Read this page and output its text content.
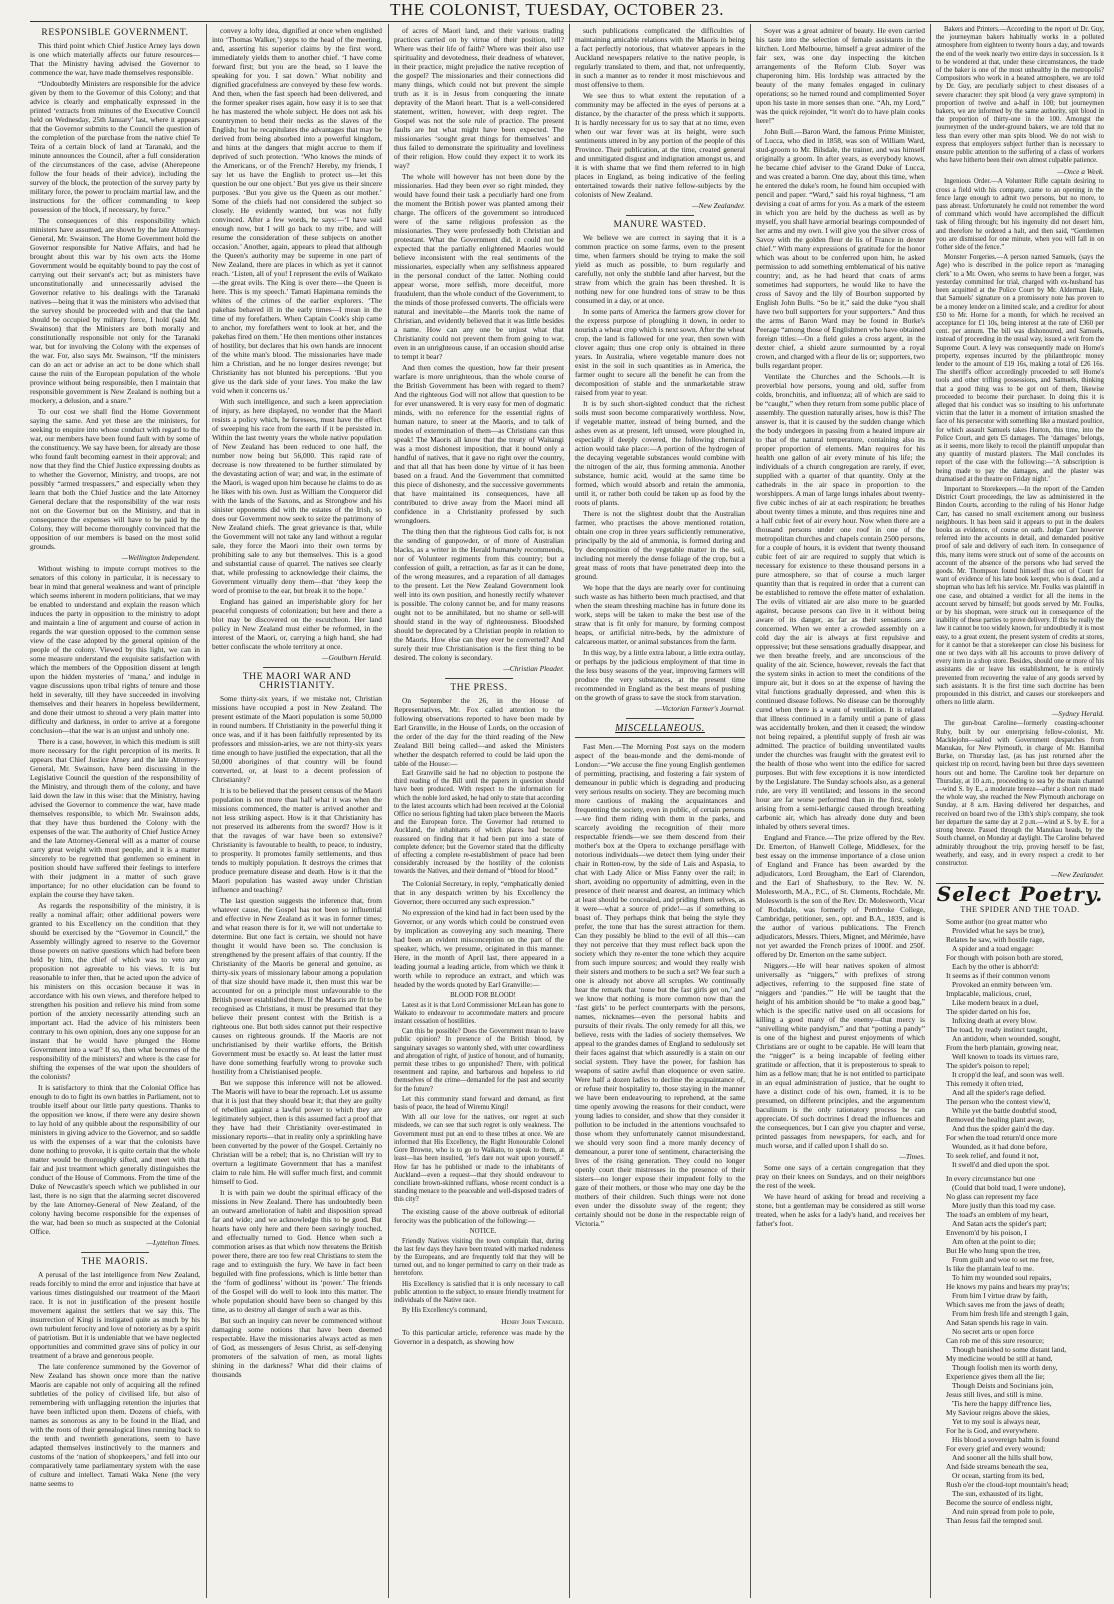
THE COLONIST, TUESDAY, OCTOBER 23.
RESPONSIBLE GOVERNMENT.

This third point which Chief Justice Arney lays down is one which materially affects our future resources—That the Ministry having advised the Governor to commence the war, have made themselves responsible.

“Undoubtedly Ministers are responsible for the advice given by them to the Governor of this Colony; and that advice is clearly and emphatically expressed in the printed ‘extracts from minutes of the Executive Council held on Wednesday, 25th January’ last, where it appears that the Governor submits to the Council the question of the completion of the purchase from the native chief Te Teira of a certain block of land at Taranaki, and the minute announces the Council, after a full consideration of the circumstances of the case, advise (Aherepeone follow the four heads of their advice), including the survey of the block, the protection of the survey party by military force, the power to proclaim martial law, and the instructions for the officer commanding to keep possession of the block, if necessary, by force.”

The consequences of this responsibility which ministers have assumed, are shown by the late Attorney-General, Mr. Swainson. The Home Government hold the Governor responsible for Native Affairs, and had he brought about this war by his own acts the Home Government would be equitably bound to pay the cost of carrying out their servant's act; but as ministers have unconstitutionally and unnecessarily advised the Governor relative to his dealings with the Taranaki natives—being that it was the ministers who advised that the survey should be proceeded with and that the land should be occupied by military force, I hold (said Mr. Swainson) that the Ministers are both morally and constitutionally responsible not only for the Taranaki war, but for involving the Colony with the expenses of the war. For, also says Mr. Swainson, “If the ministers can do an act or advise an act to be done which shall cause the ruin of the European population of the whole province without being responsible, then I maintain that responsible government is New Zealand is nothing but a mockery, a delusion, and a snare.”

To our cost we shall find the Home Government saying the same. And yet these are the ministers, for seeking to enquire into whose conduct with regard to the war, our members have been found fault with by some of the constituency. We say have been, for already are those who found fault becoming earnest in their approval; and now that they find the Chief Justice expressing doubts as to whether the Governor, Ministry, and troops, are not possibly “armed trespassers,” and especially when they learn that both the Chief Justice and the late Attorney General declare that the responsibility of the war rests not on the Governor but on the Ministry, and that in consequence the expenses will have to be paid by the Colony, they will become thoroughly convinced that the opposition of our members is based on the most solid grounds.

—Wellington Independent.

Without wishing to impute corrupt motives to the senators of this colony in particular, it is necessary to bear in mind that general weakness and want of principle which seems inherent in modern politicians, that we may be enabled to understand and explain the reason which induces the party in opposition to the ministry to adopt and maintain a line of argument and course of action in regards the war question opposed to the common sense view of the case adopted by the general opinion of the people of the colony. Viewed by this light, we can in some measure understand the exquisite satisfaction with which the members of the Opposition dissent at length upon the hidden mysteries of ‘mana,’ and indulge in vague discussions upon tribal rights of tenure and those held in severalty, till they have succeeded in involving themselves and their hearers in hopeless bewilderment, and done their utmost to shroud a very plain matter into difficulty and darkness, in order to arrive at a foregone conclusion—that the war is an unjust and unholy one.

There is a case, however, in which this medium is still more necessary for the right perception of its merits. It appears that Chief Justice Arney and the late Attorney-General, Mr. Swainson, have been discussing in the Legislative Council the question of the responsibility of the Ministry, and through them of the colony, and have laid down the law in this wise: that the Ministry, having advised the Governor to commence the war, have made themselves responsible, to which Mr. Swainson adds, that they have thus burdened the Colony with the expenses of the war. The authority of Chief Justice Arney and the late Attorney-General will as a matter of course carry great weight with most people, and it is a matter sincerely to be regretted that gentlemen so eminent in position should have suffered their feelings to interfere with their judgment in a matter of such grave importance; for no other elucidation can be found to explain the course they have taken.

As regards the responsibility of the ministry, it is really a nominal affair; other additional powers were granted to his Excellency on the condition that they should be exercised by the “Governor in Council,” the Assembly willingly agreed to reserve to the Governor those powers on native questions which had before been held by him, the chief of which was to veto any proposition not agreeable to his views. It is but reasonable to infer then, that he acted upon the advice of his ministers on this occasion because it was in accordance with his own views, and therefore helped to strengthen his position and relieve his mind from some portion of the anxiety necessarily attending such an important act. Had the advice of his ministers been contrary to his own opinion, does any one suppose for an instant that he would have plunged the Home Government into a war? If so, then what becomes of the responsibility of the ministers? and where is the case for shifting the expenses of the war upon the shoulders of the colonists?

It is satisfactory to think that the Colonial Office has enough to do to fight its own battles in Parliament, not to trouble itself about our little party questions. Thanks to the opposition we know, if there were any desire shown to lay hold of any quibble about the responsibility of our ministers in giving advice to the Governor, and so saddle us with the expenses of a war that the colonists have done nothing to provoke, it is quite certain that the whole matter would be thoroughly sifted, and meet with that fair and just treatment which generally distinguishes the conduct of the House of Commons. From the time of the Duke of Newcastle's speech which we published in our last, there is no sign that the alarming secret discovered by the late Attorney-General of New Zealand, of the colony having become responsible for the expenses of the war, had been so much as suspected at the Colonial Office.

—Lyttelton Times.

THE MAORIS.

A perusal of the last intelligence from New Zealand, reads forcibly to mind the error and injustice that have at various times distinguished our treatment of the Maori race. It is not in justification of the present hostile movement against the settlers that we say this. The insurrection of Kingi is instigated quite as much by his own turbulent ferocity and love of notoriety as by a spirit of patriotism. But it is undeniable that we have neglected opportunities and committed grave sins of policy in our treatment of a brave and generous people.

The late conference summoned by the Governor of New Zealand has shown once more than the native Maoris are capable not only of acquiring all the refined subtleties of the policy of civilised life, but also of remembering with unflagging retention the injuries that have been inflicted upon them. Dozens of chiefs, with names as sonorous as any to be found in the Iliad, and with the roots of their genealogical lines running back to the tenth and twentieth generations, seem to have adapted themselves instinctively to the manners and customs of the ‘nation of shopkeepers,’ and fell into our comparatively tame parliamentary system with the ease of culture and intellect. Tamati Waka Nene (the very name seems to

convey a lofty idea, dignified at once when englished into ‘Thomas Walker,’) steps to the head of the meeting, and, asserting his superior claims by the first word, immediately yields them to another chief. ‘I have come forward first; but you are the head, so I leave the speaking for you. I sat down.’ What nobility and dignified gracefulness are conveyed by these few words. And then, when the fast speech had been delivered, and the former speaker rises again, how easy it is to see that he has mastered the whole subject. He does not ask his countrymen to bend their necks as the slaves of the English; but he recapitulates the advantages that may be derived from being absorbed into a powerful kingdom, and hints at the dangers that might accrue to them if deprived of such protection. ‘Who knows the minds of the Americans, or of the French? Hereby, my friends, I say let us have the English to protect us—let this question be our one object.’ But yes give us their sincere purposes. ‘But you give us the Queen as our mother.’ Some of the chiefs had not considered the subject so closely. He evidently wanted, but was not fully convinced. After a few words, he says:—‘I have said enough now, but I will go back to my tribe, and will resume the consideration of these subjects on another occasion.’ Another, again, appears to plead that although the Queen's authority may be supreme in one part of New Zealand, there are places in which as yet it cannot reach. ‘Listen, all of you! I represent the evils of Waikato—the great evils. The King is over there—the Queen is here. This is my speech.’ Tamati Hapimana reminds the whites of the crimes of the earlier explorers. ‘The pakehas behaved ill in the early times—I mean in the time of my forefathers. When Captain Cook's ship came to anchor, my forefathers went to look at her, and the pakehas fired on them.’ He then mentions other instances of hostility, but declares that his own hands are innocent of the white man's blood. The missionaries have made him a Christian, and he no longer desires revenge; but Christianity has not blunted his perceptions. ‘But you give us the dark side of your laws. You make the law void when it concerns us.’

With such intelligence, and such a keen appreciation of injury, as here displayed, no wonder that the Maori resists a policy which, he foresees, must have the effect of sweeping his race from the earth if it be persisted in. Within the last twenty years the whole native population of New Zealand has been reduced to one half, the number now being but 56,000. This rapid rate of decrease is now threatened to be further stimulated by the devastating action of war; and war, in the estimate of the Maori, is waged upon him because he claims to do as he likes with his own. Just as William the Conqueror did with the lands of the Saxons, and as Strongbow and his sinister opponents did with the estates of the Irish, so does our Government now seek to seize the patrimony of New Zealand chiefs. The great grievance is that, while the Government will not take any land without a regular sale, they force the Maori into their own terms by prohibiting sale to any but themselves. This is a good and substantial cause of quarrel. The natives see clearly that, while professing to acknowledge their claims, the Government virtually deny them—that ‘they keep the word of promise to the ear, but break it to the hope.’

England has gained an imperishable glory for her peaceful conquests of colonization; but here and there a blot may be discovered on the escutcheon. Her land policy in New Zealand must either be reformed, in the interest of the Maori, or, carrying a high hand, she had better confiscate the whole territory at once.

—Goulburn Herald.

THE MAORI WAR AND CHRISTIANITY.

Some thirty-six years, if we mistake not, Christian missions have occupied a post in New Zealand. The present estimate of the Maori population is some 50,000 in round numbers. If Christianity in the powerful thing it once was, and if it has been faithfully represented by its professors and mission-aries, we are not thirty-six years time enough to have justified the expectation, that all the 50,000 aborigines of that country will be found converted, or, at least to a decent profession of Christianity?

It is to be believed that the present census of the Maori population is not more than half what it was when the missions commenced, the matter is arrived another and not less striking aspect. How is it that Christianity has not preserved its adherents from the sword? How is it that the ravages of war have been so extensive? Christianity is favourable to health, to peace, to industry, to prosperity. It promotes family settlements, and thus tends to multiply population. It destroys the crimes that produce premature disease and death. How is it that the Maori population has wasted away under Christian influence and teaching?

The last question suggests the inference that, from whatever cause, the Gospel has not been so influential and effective in New Zealand as it was in former times; and what reason there is for it, we will not undertake to determine. But one fact is certain, we should not have thought it would have been so. The conclusion is strengthened by the present affairs of that country. If the Christianity of the Maoris be general and genuine, as thirty-six years of missionary labour among a population of that size should have made it, then must this war be accounted for on a principle most unfavourable to the British power established there. If the Maoris are fit to be recognised as Christians, it must be presumed that they believe their present contest with the British is a righteous one. But both sides cannot put their respective causes on righteous grounds. If the Maoris are not unchristianised by their warlike efforts, the British Government must be exactly so. At least the latter must have done something fearfully wrong to provoke such hostility from a Christianised people.

But we suppose this inference will not be allowed. The Maoris will have to bear the reproach. Let us assume that it is just that they should bear it; that they are guilty of rebellion against a lawful power to which they are legitimately subject, then is this assumed fact a proof that they have had their Christianity over-estimated in missionary reports—that in reality only a sprinkling have been converted by the power of the Gospel. Certainly no Christian will be a rebel; that is, no Christian will try to overturn a legitimate Government that has a manifest claim to rule him. He will suffer much first, and commit himself to God.

It is with pain we doubt the spiritual efficacy of the missions in New Zealand. There has undoubtedly been an outward amelioration of habit and disposition spread far and wide; and we acknowledge this to be good. But hearts have only here and there been savingly touched, and effectually turned to God. Hence when such a commotion arises as that which now threatens the British power there, there are too few real Christians to stem the rage and to extinguish the fury. We have in fact been beguiled with fine professions, which is little better than the ‘form of godliness’ without its ‘power.’ The friends of the Gospel will do well to look into this matter. The whole population should have been so changed by this time, as to destroy all danger of such a war as this.

But such an inquiry can never be commenced without damaging some notions that have been deemed respectable. Have the missionaries always acted as men of God, as messengers of Jesus Christ, as self-denying promoters of the salvation of men, as moral lights shining in the darkness? What did their claims of thousands

of acres of Maori land, and their various trading practices carried on by virtue of their position, tell? Where was their life of faith? Where was their also use spirituality and devotedness, their deadness of whatever, in their practice, might prejudice the native reception of the gospel? The missionaries and their connections did many things, which could not but prevent the simple truth as it is in Jesus from conquering the innate depravity of the Maori heart. That is a well-considered statement, written, however, with deep regret. The Gospel was not the sole rule of practice. The present faults are but what might have been expected. The missionaries ‘sought great things for themselves’ and thus failed to demonstrate the spirituality and loveliness of their religion. How could they expect it to work its way?

The whole will however has not been done by the missionaries. Had they been ever so right minded, they would have found their task a peculiarly hard one from the moment the British power was planted among their charge. The officers of the government so introduced were of the same religious profession as the missionaries. They were professedly both Christian and protestant. What the Government did, it could not be expected that the partially enlightened Maories would believe inconsistent with the real sentiments of the missionaries, especially when any selfishness appeared in the personal conduct of the latter. Nothing could appear worse, more selfish, more deceitful, more fraudulent, than the whole conduct of the Government, to the minds of those professed converts. The officials were natural and inevitable—the Maoris took the name of Christian, and evidently believed that it was little besides a name. How can any one be unjust what that Christianity could not prevent them from going to war, even in an unrighteous cause, if an occasion should arise to tempt it bear?

And then comes the question, how far their present warfare is more unrighteous, than the whole course of the British Government has been with regard to them? And the righteous God will not allow that question to be for ever unanswered. It is very easy for men of dogmatic minds, with no reference for the essential rights of human nature, to sneer at the Maoris, and to talk of modes of extermination of them—as Christians can thus speak! The Maoris all know that the treaty of Waitangi was a most dishonest imposition, that it bound only a handful of natives, that it gave no right over the country, and that all that has been done by virtue of it has been based on a fraud. And the Government that committed this piece of dishonesty, and the successive governments that have maintained its consequences, have all contributed to drive away from the Maori mind all confidence in a Christianity professed by such wrongdoers.

The thing then that the righteous God calls for, is not the sending of gunpowder, or of more of Australian blacks, as a writer in the Herald humanely recommends, nor of Volunteer regiments from this country; but a confession of guilt, a retraction, as far as it can be done, of the wrong measures, and a reparation of all damages to the present. Let the New Zealand Government look well into its own position, and honestly rectify whatever is possible. The colony cannot be, and for many reasons ought not to be annihilated, but no shame or sell-will should stand in the way of righteousness. Bloodshed should be deprecated by a Christian people in relation to the Maoris. How else can they ever be converted? And surely their true Christianisation is the first thing to be desired. The colony is secondary.

—Christian Pleader.

THE PRESS.

On September the 26, in the House of Representatives, Mr. Fox called attention to the following observations reported to have been made by Earl Granville, in the House of Lords, on the occasion of the order of the day for the third reading of the New Zealand Bill being called—and asked the Ministers whether the despatch referred to could be laid upon the table of the House:—

Earl Granville said he had no objection to postpone the third reading of the Bill until the papers in question should have been produced. With respect to the information for which the noble lord asked, he had only to state that according to the latest accounts which had been received at the Colonial Office no serious fighting had taken place between the Maoris and the European force. The Governor had returned to Auckland, the inhabitants of which places had become reassured on finding that it had been put into a state of complete defence; but the Governor stated that the difficulty of effecting a complete re-establishment of peace had been considerably increased by the hostility of the colonists towards the Natives, and their demand of “blood for blood.”

The Colonial Secretary, in reply, “emphatically denied that in any despatch written by his Excellency the Governor, there occurred any such expression.”

No expression of the kind had in fact been used by the Governor, or any words which could be construed even by implication as conveying any such meaning. There had been an evident misconception on the part of the speaker, which, we presume, originated in this manner. Here, in the month of April last, there appeared in a leading journal a leading article, from which we think it worth while to reproduce an extract, and which was headed by the words quoted by Earl Granville:—

BLOOD FOR BLOOD!

Latest as it is that Lord Commissioner McLean has gone to Waikato to endeavour to accommodate matters and procure instant cessation of hostilities.

Can this be possible? Does the Government mean to leave public opinion? In presence of the British blood, by sanguinary savages so wantonly shed, with utter cowardliness and abrogation of right, of justice of honour, and of humanity, permit these tribes to go unpunished? There, with political resentment and rapine, and barbarous and hopeless to rid themselves of the crime—demanded for the past and security for the future?

Let this community stand forward and demand, as first basis of peace, the head of Wiremu Kingi!

With all our love for the natives, our regret at such misdeeds, we can see that such regret is only weakness. The Government must put an end to these tribes at once. We are informed that His Excellency, the Right Honourable Colonel Gore Browne, who is to go to Waikato, to speak to them, at least—has been insulted, ‘let's dare not wait upon yourself.’ How far has he published or made to the inhabitants of Auckland—even a request—that they should endeavour to conciliate brown-skinned ruffians, whose recent conduct is a standing menace to the peaceable and well-disposed traders of this city?

The existing cause of the above outbreak of editorial ferocity was the publication of the following:—

NOTICE.

Friendly Natives visiting the town complain that, during the last few days they have been treated with marked rudeness by the Europeans, and are frequently told that they will be turned out, and no longer permitted to carry on their trade as heretofore.

His Excellency is satisfied that it is only necessary to call public attention to the subject, to ensure friendly treatment for individuals of the Native race.

By His Excellency's command,

Henry John Tancred.

To this particular article, reference was made by the Governor in a despatch, as showing how

such publications complicated the difficulties of maintaining amicable relations with the Maoris in being a fact perfectly notorious, that whatever appears in the Auckland newspapers relative to the native people, is regularly translated to them, and that, not unfrequently, in such a manner as to render it most mischievous and most offensive to them.

We see thus to what extent the reputation of a community may be affected in the eyes of persons at a distance, by the character of the press which it supports. It is hardly necessary for us to say that at no time, even when our war fever was at its height, were such sentiments uttered in by any portion of the people of this Province. Their publication, at the time, created general and unmitigated disgust and indignation amongst us, and it is with shame that we find them referred to in high places in England, as being indicative of the feeling entertained towards their native fellow-subjects by the colonists of New Zealand.

—New Zealander.

MANURE WASTED.

We believe we are correct in saying that it is a common practice on some farms, even to the present time, when farmers should be trying to make the soil yield as much as possible, to burn regularly and carefully, not only the stubble land after harvest, but the straw from which the grain has been threshed. It is nothing new for one hundred tons of straw to be thus consumed in a day, or at once.

In some parts of America the farmers grow clover for the express purpose of ploughing it down, in order to nourish a wheat crop which is next sown. After the wheat crop, the land is fallowed for one year, then sown with clover again; thus one crop only is obtained in three years. In Australia, where vegetable manure does not exist in the soil in such quantities as in America, the farmer ought to secure all the benefit he can from the decomposition of stable and the unmarketable straw raised from year to year.

It is by such short-sighted conduct that the richest soils must soon become comparatively worthless. Now, if vegetable matter, instead of being burned, and the ashes even as at present, left unused, were ploughed in, especially if deeply covered, the following chemical action would take place:—A portion of the hydrogen of the decaying vegetable substances would combine with the nitrogen of the air, thus forming ammonia. Another substance, humic acid, would at the same time be formed, which would absorb and retain the ammonia, until it, or rather both could be taken up as food by the roots of plants.

There is not the slightest doubt that the Australian farmer, who practises the above mentioned rotation, obtain one crop in three years sufficiently remunerative, principally by the aid of ammonia, is formed during and by decomposition of the vegetable matter in the soil, including not merely the dense foliage of the crop, but a great mass of roots that have penetrated deep into the ground.

We hope that the days are nearly over for continuing such waste as has hitherto been much practised, and that when the steam threshing machine has in future done its work, steps will be taken to make the best use of the straw that is fit only for manure, by forming compost heaps, or artificial nitre-beds, by the admixture of calcareous matter, or animal substances from the farm.

In this way, by a little extra labour, a little extra outlay, or perhaps by the judicious employment of that time in the less busy seasons of the year, improving farmers will produce the very substances, at the present time recommended in England as the best means of pushing on the growth of grass to save the stock from starvation.

—Victorian Farmer's Journal.

MISCELLANEOUS.

Fast Men.—The Morning Post says on the modern aspect of the beau-monde and the demi-monde of London:—“We accuse the fine young English gentlemen of permitting, practising, and fostering a fair system of demeanour in public which is degrading and producing very serious results on society. They are becoming much more cautious of making the acquaintances and frequenting the society, even in public, of certain persons—we find them riding with them in the parks, and scarcely avoiding the recognition of their more respectable friends—we see them descend from their mother's box at the Opera to exchange persiflage with notorious individuals—we detect them lying under their chair in Rotten-row, by the side of Lais and Aspasia, to chat with Lady Alice or Miss Fanny over the rail; in short, avoiding no opportunity of admitting, even in the presence of their nearest and dearest, an intimacy which at least should be concealed, and priding them selves, as it were—what a source of pride!—as if something to boast of. They perhaps think that being the style they prefer, the tone that has the surest attraction for them. Can they possibly be blind to the evil of all this—can they not perceive that they must reflect back upon the society which they re-enter the tone which they acquire from such impure sources; and would they really wish their sisters and mothers to be such a set? We fear such a one is already not above all scruples. We continually hear the remark that ‘none but the fast girls get on,’ and we know that nothing is more common now than the ‘fast girls’ to be perfect counterparts with the persons, names, nicknames—even the personal habits and pursuits of their rivals. The only remedy for all this, we believe, rests with the ladies of society themselves. We appeal to the grandes dames of England to sedulously set their faces against that which assuredly is a stain on our social system. They have the power, for fashion has weapons of satire awful than eloquence or even satire. Were half a dozen ladies to decline the acquaintance of, or refuse their hospitality to, those staying in the manner we have been endeavouring to reprehend, at the same time openly avowing the reasons for their conduct, were young ladies to consider, and show that they consider it pollution to be included in the attentions vouchsafed to those whom they unfortunately cannot misunderstand, we should very soon find a more manly decency of demeanour, a purer tone of sentiment, characterising the lives of the rising generation. They could no longer openly court their mistresses in the presence of their sisters—no longer expose their impudent folly to the gaze of their mothers, or those who may one day be the mothers of their children. Such things were not done even under the dissolute sway of the regent; they certainly should not be done in the respectable reign of Victoria.”

Soyer was a great admirer of beauty. He even carried his taste into the selection of female assistants in the kitchen. Lord Melbourne, himself a great admirer of the fair sex, was one day inspecting the kitchen arrangements of the Reform Club. Soyer was chaperoning him. His lordship was attracted by the beauty of the many females engaged in culinary operations; so he turned round and complimented Soyer upon his taste in more senses than one. “Ah, my Lord,” was the quick rejoinder, “it won't do to have plain cooks here!”

John Bull.—Baron Ward, the famous Prime Minister, of Lucca, who died in 1858, was son of William Ward, stud-groom to Mr. Bilsdale, the trainer, and was himself originally a groom. In after years, as everybody knows, he became chief adviser to the Grand Duke of Lucca, and was created a baron. One day, about this time, when he entered the duke's room, he found him occupied with pencil and paper. “Ward,” said his royal highness, “I am devising a coat of arms for you. As a mark of the esteem in which you are held by the duchess as well as by myself, you shall have armorial bearings compounded of her arms and my own. I will give you the silver cross of Savoy with the golden fleur de lis of France in dexter chief.” With many expressions of gratitude for the honor which was about to be conferred upon him, he asked permission to add something emblematical of his native country; and, as he had heard that coats of arms sometimes had supporters, he would like to have the cross of Savoy and the lily of Bourbon supported by English John Bulls. “So be it,” said the duke “you shall have two bull supporters for your supporters.” And thus the arms of Baron Ward may be found in Burke's Peerage “among those of Englishmen who have obtained foreign titles:—On a field gules a cross argent, in the dexter chief, a shield azure surmounted by a royal crown, and charged with a fleur de lis or; supporters, two bulls regardant proper.

Ventilate the Churches and the Schools.—It is proverbial how persons, young and old, suffer from colds, bronchitis, and influenza; all of which are said to be “caught,” when they return from some public place of assembly. The question naturally arises, how is this? The answer is, that it is caused by the sudden change which the body undergoes in passing from a heated impure air to that of the natural temperature, containing also its proper proportion of elements. Man requires for his health one gallon of air every minute of his life; the individuals of a church congregation are rarely, if ever, supplied with a quarter of that quantity. Only at the cathedrals in the air space in proportion to the worshippers. A man of large lungs inhales about twenty-five cubic inches of air at each respiration; he breathes about twenty times a minute, and thus requires nine and a half cubic feet of air every hour. Now when there are a thousand persons under one roof in one of the metropolitan churches and chapels contain 2500 persons, for a couple of hours, it is evident that twenty thousand cubic feet of air are required to supply that which is necessary for existence to these thousand persons in a pure atmosphere, so that of course a much larger quantity than that is required in order that a current can be established to remove the effete matter of exhalation. The evils of vitiated air are also more to be guarded against, because persons can live in it without being aware of its danger, as far as their sensations are concerned. When we enter a crowded assembly on a cold day the air is always at first repulsive and oppressive; but these sensations gradually disappear, and we then breathe freely, and are unconscious of the quality of the air. Science, however, reveals the fact that the system sinks in action to meet the conditions of the impure air, but it does so at the expense of having the vital functions gradually depressed, and when this is continued disease follows. No disease can be thoroughly cured when there is a want of ventilation. It is related that illness continued in a family until a pane of glass was accidentally broken, and then it ceased; the window not being repaired, a plentiful supply of fresh air was admitted. The practice of building unventilated vaults under the churches was fraught with the greatest evil to the health of those who went into the edifice for sacred purposes. But with few exceptions it is now interdicted by the Legislature. The Sunday schools also, as a general rule, are very ill ventilated; and lessons in the second hour are far worse performed than in the first, solely arising from a semi-lethargic caused through breathing carbonic air, which has already done duty and been inhaled by others several times.

England and France.—The prize offered by the Rev. Dr. Emerton, of Hanwell College, Middlesex, for the best essay on the immense importance of a close union of England and France has been awarded by the adjudicators, Lord Brougham, the Earl of Clarendon, and the Earl of Shaftesbury, to the Rev. W. N. Molesworth, M.A., P.C., of St. Clements, Rochdale, Mr. Molesworth is the son of the Rev. Dr. Molesworth, Vicar of Rochdale, was formerly of Pembroke College, Cambridge, petitioner, sen., opt. and B.A., 1839, and is the author of various publications. The French adjudicators, Messrs. Thiers, Mignet, and Mérimée, have not yet awarded the French prizes of 1000f. and 250f. offered by Dr. Emerton on the same subject.

Niggers.—He will hear natives spoken of almost universally as “niggers,” with prefixes of strong adjectives, referring to the supposed fine state of “niggers and ‘pandies.’” He will be taught that the height of his ambition should be “to make a good bag,” which is the specific native used on all occasions for killing a good many of the enemy—that mercy is “snivelling white pandyism,” and that “potting a pandy” is one of the highest and purest enjoyments of which Christians are or ought to be capable. He will learn that the “nigger” is a being incapable of feeling either gratitude or affection, that it is preposterous to speak to him as a fellow man; that he is not entitled to participate in an equal administration of justice, that he ought to have a distinct code of his own, framed, it is to be presumed, on different principles, and the argumentum baculinum is the only rationatory process he can appreciate. Of such doctrines I dread the influences and the consequences, but I can give you chapter and verse, printed passages from newspapers, for each, and for much worse, and if called upon I shall do so.

—Times.

Some one says of a certain congregation that they pray on their knees on Sundays, and on their neighbors the rest of the week.

We have heard of asking for bread and receiving a stone, but a gentleman may be considered as still worse treated, when he asks for a lady's hand, and receives her father's foot.

Bakers and Printers.—According to the report of Dr. Guy, the journeyman bakers habitually works in a polluted atmosphere from eighteen to twenty hours a day, and towards the end of the week nearly two entire days in succession. Is it to be wondered at that, under these circumstances, the trade of the baker is one of the most unhealthy in the metropolis? Compositors who work in a heated atmosphere, we are told by Dr. Guy, are peculiarly subject to chest diseases of a severe character: they spit blood (a very grave symptom) in proportion of twelve and a-half in 100; but journeymen bakers, we are informed by the same authority, spit blood in the proportion of thirty-one in the 100. Amongst the journeymen of the under-ground bakers, we are told that no less than every other man spits blood. We do not wish to express that employers subject further than is necessary to ensure public attention to the suffering of a class of workers who have hitherto been their own almost culpable patience.

—Once a Week.

Ingenious Order.—A Volunteer Rifle captain desiring to cross a field with his company, came to an opening in the fence large enough to admit two persons, but no more, to pass abreast. Unfortunately he could not remember the word of command which would have accomplished the difficult task of filing through; but his ingenuity did not desert him, and therefore he ordered a halt, and then said, “Gentlemen you are dismissed for one minute, when you will fall in on t'other side of the fence.”

Monster Forgeries.—A person named Samuels, (says the Age) who is described in the police report as ‘managing clerk’ to a Mr. Owen, who seems to have been a forger, was yesterday committed for trial, charged with ex-husband has been acquitted at the Police Court by Mr. Alderman Hale, that Samuels' signature on a promissory note has proven to be a money lender on a limited scale, and a creditor for about £50 to Mr. Horne for a month, for which he received an acceptance for £1 10s, being interest at the rate of £360 per cent. per annum. The bill was dishonoured, and Samuels, instead of proceeding in the usual way, issued a writ from the Supreme Court. A levy was consequently made on Horne's property, expenses incurred by the philanthropic money lender to the amount of £19 16s, making a total of £26 16s. The sheriff's officer accordingly proceeded to sell Horne's tools and other trifling possessions, and Samuels, thinking that a good thing was to be got out of them, likewise proceeded to become their purchaser. In doing this it is alleged that his conduct was so insulting to his unfortunate victim that the latter in a moment of irritation smashed the face of his persecutor with something like a mustard poultice, for which assault Samuels takes Horton, this time, into the Police Court, and gets £5 damages. The ‘damages’ belongs, as it seems, more likely to recoil the plaintiff unpopular than any quantity of mustard plasters. The Mail concludes its report of the case with the following:—‘A subscription is being made to pay the damages, and the plaster was dramatised at the theatre on Friday night.’

Important to Storekeepers.—In the report of the Camden District Court proceedings, the law as administered in the Bindon Courts, according to the ruling of his Honor Judge Carr, has caused no small excitement among our business neighbours. It has been said it appears to put in the dealers books as evidence, of course on oath. Judge Carr however referred into the accounts in detail, and demanded positive proof of sale and delivery of each item. In consequence of this, many items were struck out of some of the accounts on account of the absence of the persons who had served the goods. Mr. Thompson found himself thus out of Court for want of evidence of his late book keeper, who is dead, and a shopman who has left his service. Mr. Foulks was plaintiff in one case, and obtained a verdict for all the items in the account served by himself; but goods served by Mr. Foulks, or by his shopman, were struck out in consequence of the inability of these parties to prove delivery. If this be really the law it cannot be too widely known, for undoubtedly it is most easy, to a great extent, the present system of credits at stores, for it cannot be that a storekeeper can close his business for one or two days with all his accounts to prove delivery of every item in a shop store. Besides, should one or more of his assistants die or leave his establishment, he is entirely prevented from recovering the value of any goods served by such assistants. It is the first time such doctrine has been propounded in this district, and causes our storekeepers and others no little alarm.

—Sydney Herald.

The gun-boat Caroline—formerly coasting-schooner Ruby, built by our enterprising fellow-colonist, Mr. Macklejohn—sailed with Government despatches from Manukau, for New Plymouth, in charge of Mr. Hannibal Burke, on Thursday last, (as has just returned after the quickest trip on record, having been but three days seventeen hours out and home. The Caroline took her departure on Thursday, at 10 a.m., proceeding to sea by the main channel—wind S. by E., a moderate breeze—after a short run made the whole way, she reached the New Plymouth anchorage on Sunday, at 8 a.m. Having delivered her despatches, and received on board two of the 13th's ship's company, she took her departure the same day at 2 p.m.—wind at S. by E. for a strong breeze. Passed through the Manukau heads, by the South channel, on Monday at daylight. The Caroline behaved admirably throughout the trip, proving herself to be fast, weatherly, and easy, and in every respect a credit to her constructor.

—New Zealander.

Select Poetry.
THE SPIDER AND THE TOAD.

Some author (no great matter who

Provided what he says be true),

Relates he saw, with hostile rage,

A spider and a toad engage:

For though with poison both are stored,

Each by the other is abhorr'd:

It seems as if their common venom

Provoked an enmity between 'em.

Implacable, malicious, cruel,

Like modern beaux in a duel,

The spider darted on his foe,

Infixing death at every blow.

The toad, by ready instinct taught,

An antidote, when wounded, sought,

From the herb plantain, growing near,

Well known to toads its virtues rare,

The spider's poison to repel;

It cropp'd the leaf, and soon was well.

This remedy it often tried,

And all the spider's rage defied.

The person who the contest view'd,

While yet the battle doubtful stood,

Removed the healing plant away,

And thus the spider gain'd the day.

For when the toad return'd once more

Wounded, as it had done before,

To seek relief, and found it not,

It swell'd and died upon the spot.

In every circumstance but one

(Could that bold toad, I were undone),

No glass can represent my face

More justly than this toad my case.

The toad's an emblem of my heart,

And Satan acts the spider's part;

Envenom'd by his poison, I

Am often at the point to die;

But He who hung upon the tree,

From guilt and woe to set me free,

Is like the plantain leaf to me.

To him my wounded soul repairs,

He knows my pains and hears my pray'rs;

From him I virtue draw by faith,

Which saves me from the jaws of death;

From him fresh life and strength I gain,

And Satan spends his rage in vain.

No secret arts or open force

Can rob me of this sure resource;

Though banished to some distant land,

My medicine would be still at hand,

Though foolish men its worth deny,

Experience gives them all the lie;

Though Deists and Socinians join,

Jesus still lives, and still is mine.

'Tis here the happy diff'rence lies,

My Saviour reigns above the skies,

Yet to my soul is always near,

For he is God, and everywhere.

His blood a sovereign balm is found

For every grief and every wound;

And sooner all the hills shall bow,

And fside streams beneath the sea,

Or ocean, starting from its bed,

Rush o'er the cloud-topt mountain's head;

The sun, exhausted of its light,

Become the source of endless night,

And ruin spread from pole to pole,

Than Jesus fail the tempted soul.
